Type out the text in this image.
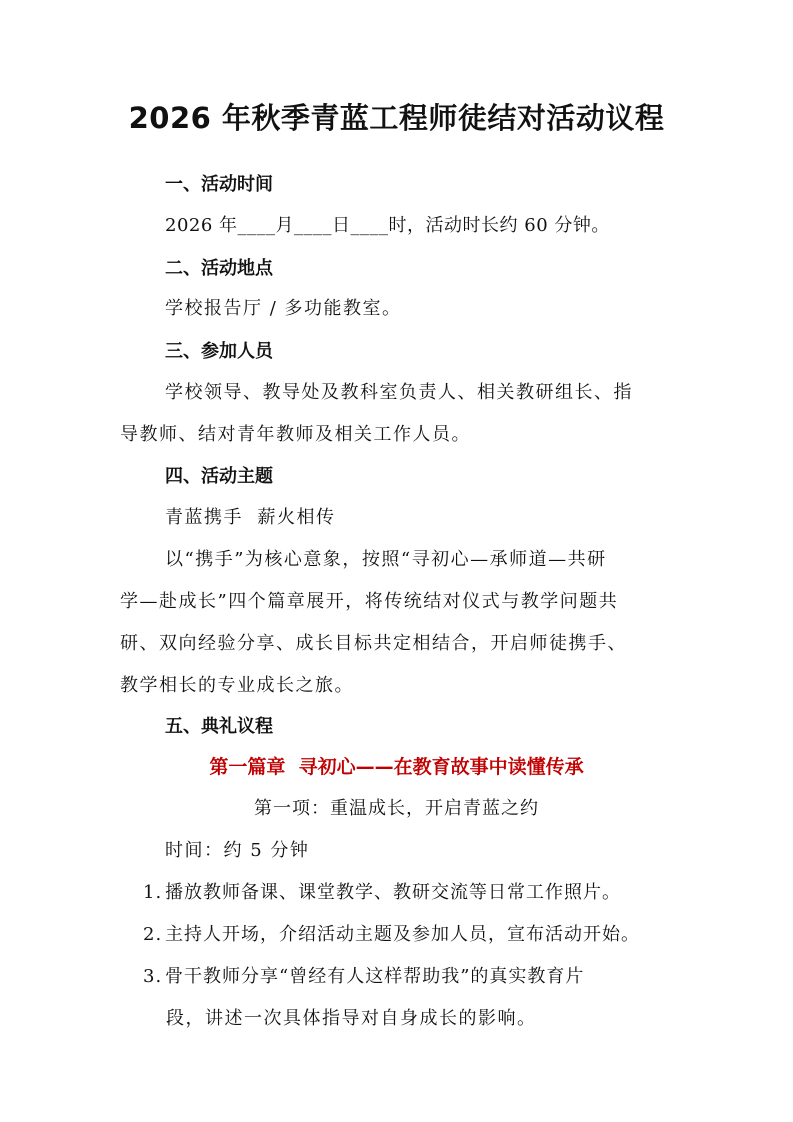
2026 年秋季青蓝工程师徒结对活动议程
一、活动时间
2026 年____月____日____时，活动时长约 60 分钟。
二、活动地点
学校报告厅 / 多功能教室。
三、参加人员
学校领导、教导处及教科室负责人、相关教研组长、指
导教师、结对青年教师及相关工作人员。
四、活动主题
青蓝携手  薪火相传
以“携手”为核心意象，按照“寻初心—承师道—共研
学—赴成长”四个篇章展开，将传统结对仪式与教学问题共
研、双向经验分享、成长目标共定相结合，开启师徒携手、
教学相长的专业成长之旅。
五、典礼议程
第一篇章  寻初心——在教育故事中读懂传承
第一项：重温成长，开启青蓝之约
时间：约 5 分钟
1. 播放教师备课、课堂教学、教研交流等日常工作照片。
2. 主持人开场，介绍活动主题及参加人员，宣布活动开始。
3. 骨干教师分享“曾经有人这样帮助我”的真实教育片
段，讲述一次具体指导对自身成长的影响。
